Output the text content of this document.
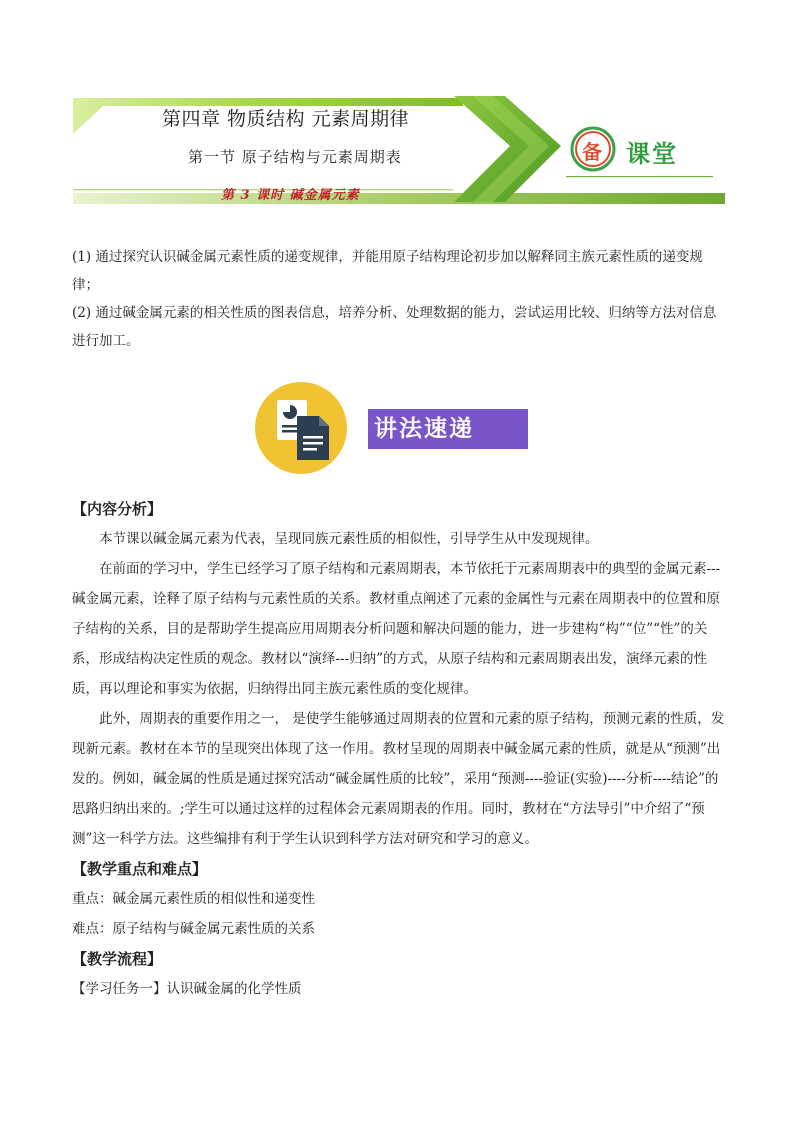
第四章 物质结构 元素周期律
第一节 原子结构与元素周期表
第 3 课时 碱金属元素
备 课堂

(1) 通过探究认识碱金属元素性质的递变规律，并能用原子结构理论初步加以解释同主族元素性质的递变规律；

(2) 通过碱金属元素的相关性质的图表信息，培养分析、处理数据的能力，尝试运用比较、归纳等方法对信息进行加工。

讲法速递

【内容分析】

本节课以碱金属元素为代表，呈现同族元素性质的相似性，引导学生从中发现规律。

在前面的学习中，学生已经学习了原子结构和元素周期表，本节依托于元素周期表中的典型的金属元素---碱金属元素，诠释了原子结构与元素性质的关系。教材重点阐述了元素的金属性与元素在周期表中的位置和原子结构的关系，目的是帮助学生提高应用周期表分析问题和解决问题的能力，进一步建构“构”“位”“性”的关系，形成结构决定性质的观念。教材以“演绎---归纳”的方式，从原子结构和元素周期表出发，演绎元素的性质，再以理论和事实为依据，归纳得出同主族元素性质的变化规律。

此外，周期表的重要作用之一， 是使学生能够通过周期表的位置和元素的原子结构，预测元素的性质，发现新元素。教材在本节的呈现突出体现了这一作用。教材呈现的周期表中碱金属元素的性质，就是从“预测”出发的。例如，碱金属的性质是通过探究活动“碱金属性质的比较”，采用“预测----验证(实验)----分析----结论”的思路归纳出来的。;学生可以通过这样的过程体会元素周期表的作用。同时，教材在“方法导引”中介绍了“预测”这一科学方法。这些编排有利于学生认识到科学方法对研究和学习的意义。

【教学重点和难点】

重点：碱金属元素性质的相似性和递变性

难点：原子结构与碱金属元素性质的关系

【教学流程】

【学习任务一】认识碱金属的化学性质
